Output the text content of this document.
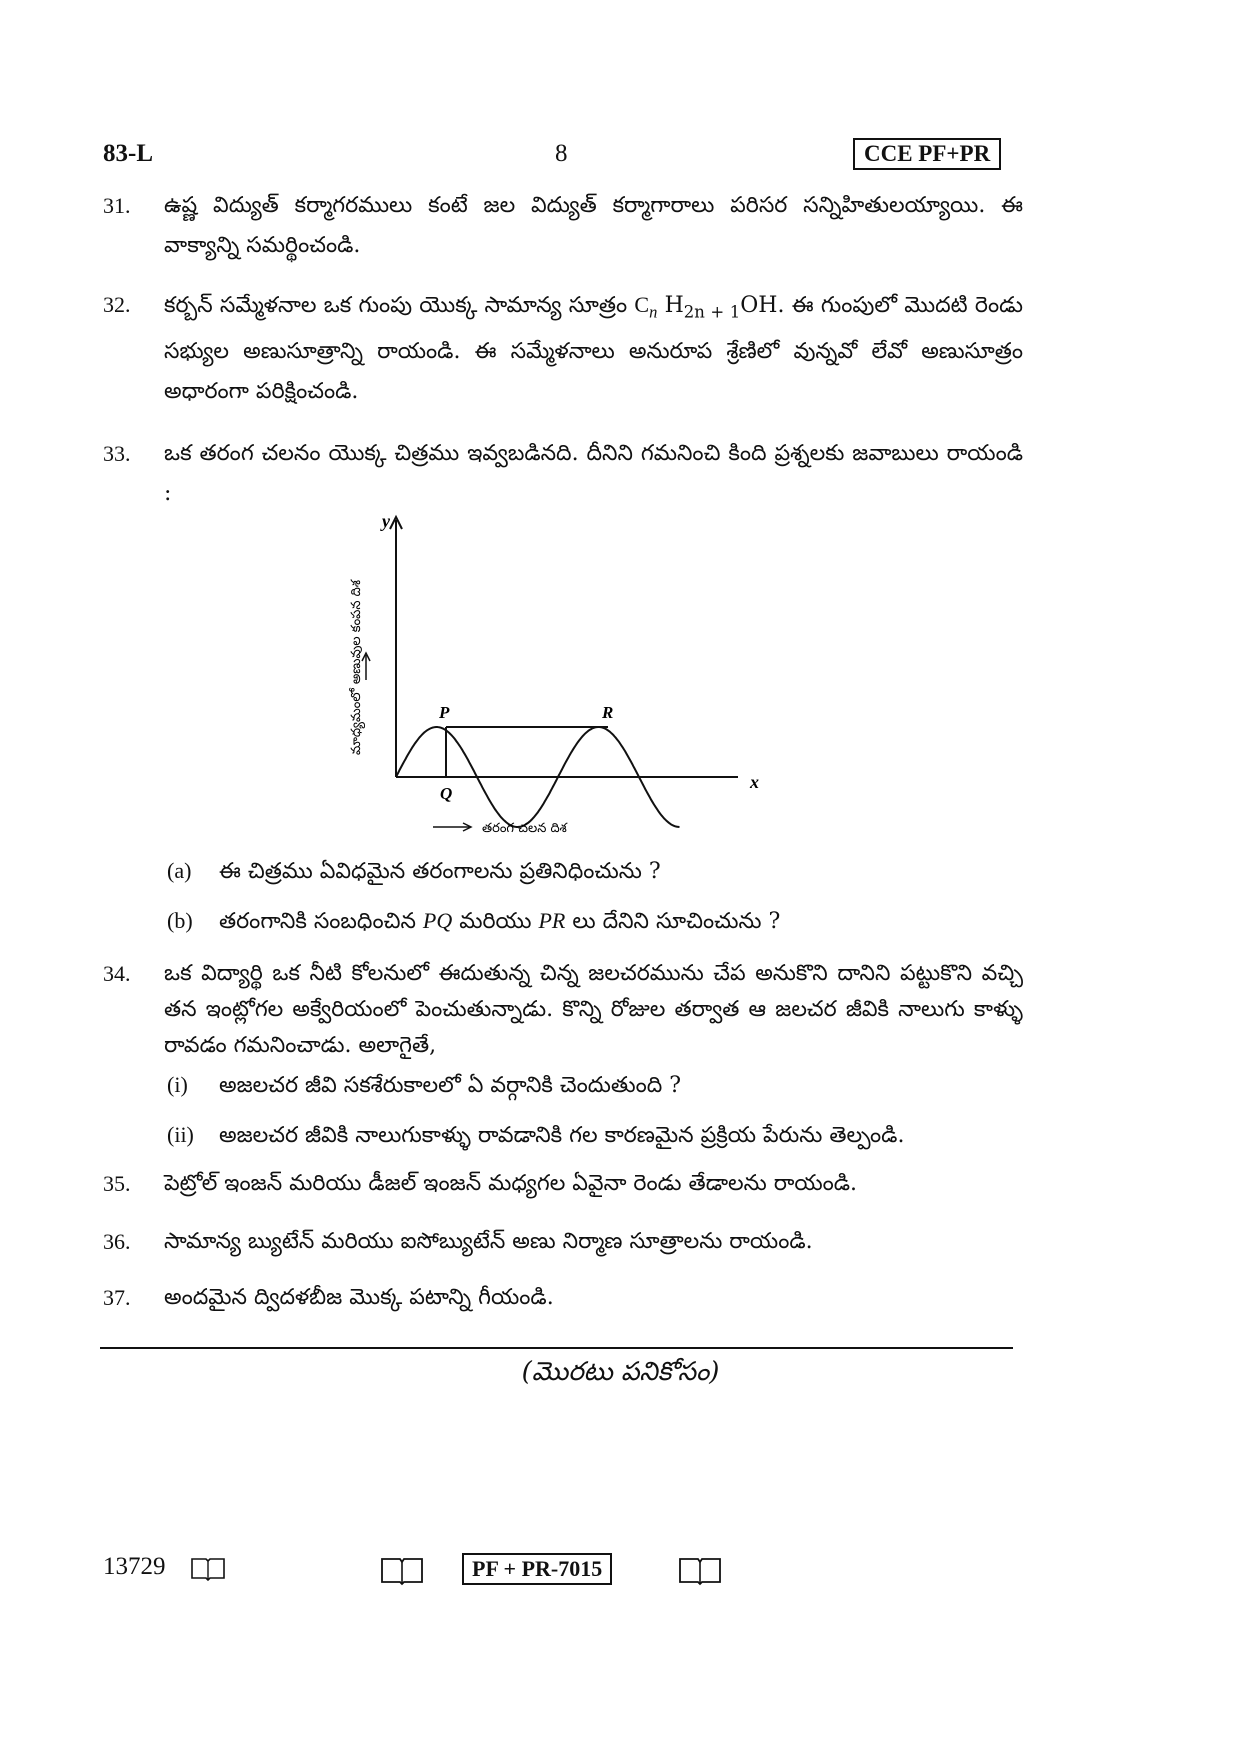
83-L	8	CCE PF+PR
31. ఉష్ణ విద్యుత్ కర్మాగరములు కంటే జల విద్యుత్ కర్మాగారాలు పరిసర సన్నిహితులయ్యాయి. ఈ వాక్యాన్ని సమర్థించండి.
32. కర్బన్ సమ్మేళనాల ఒక గుంపు యొక్క సామాన్య సూత్రం $C_n$ $H_{2n + 1}OH$. ఈ గుంపులో మొదటి రెండు సభ్యుల అణుసూత్రాన్ని రాయండి. ఈ సమ్మేళనాలు అనురూప శ్రేణిలో వున్నవో లేవో అణుసూత్రం అధారంగా పరిక్షించండి.
33. ఒక తరంగ చలనం యొక్క చిత్రము ఇవ్వబడినది. దీనిని గమనించి కింది ప్రశ్నలకు జవాబులు రాయండి :
y
x
P	R
Q
మాధ్యమంలో అణువుల కంపన దిశ
తరంగ చలన దిశ
(a) ఈ చిత్రము ఏవిధమైన తరంగాలను ప్రతినిధించును ?
(b) తరంగానికి సంబధించిన PQ మరియు PR లు దేనిని సూచించును ?
34. ఒక విద్యార్థి ఒక నీటి కోలనులో ఈదుతున్న చిన్న జలచరమును చేప అనుకొని దానిని పట్టుకొని వచ్చి తన ఇంట్లోగల అక్వేరియంలో పెంచుతున్నాడు. కొన్ని రోజుల తర్వాత ఆ జలచర జీవికి నాలుగు కాళ్ళు రావడం గమనించాడు. అలాగైతే,
(i) అజలచర జీవి సకశేరుకాలలో ఏ వర్గానికి చెందుతుంది ?
(ii) అజలచర జీవికి నాలుగుకాళ్ళు రావడానికి గల కారణమైన ప్రక్రియ పేరును తెల్పండి.
35. పెట్రోల్ ఇంజన్ మరియు డీజల్ ఇంజన్ మధ్యగల ఏవైనా రెండు తేడాలను రాయండి.
36. సామాన్య బ్యుటేన్ మరియు ఐసోబ్యుటేన్ అణు నిర్మాణ సూత్రాలను రాయండి.
37. అందమైన ద్విదళబీజ మొక్క పటాన్ని గీయండి.
(మొరటు పనికోసం)
13729	PF + PR-7015
